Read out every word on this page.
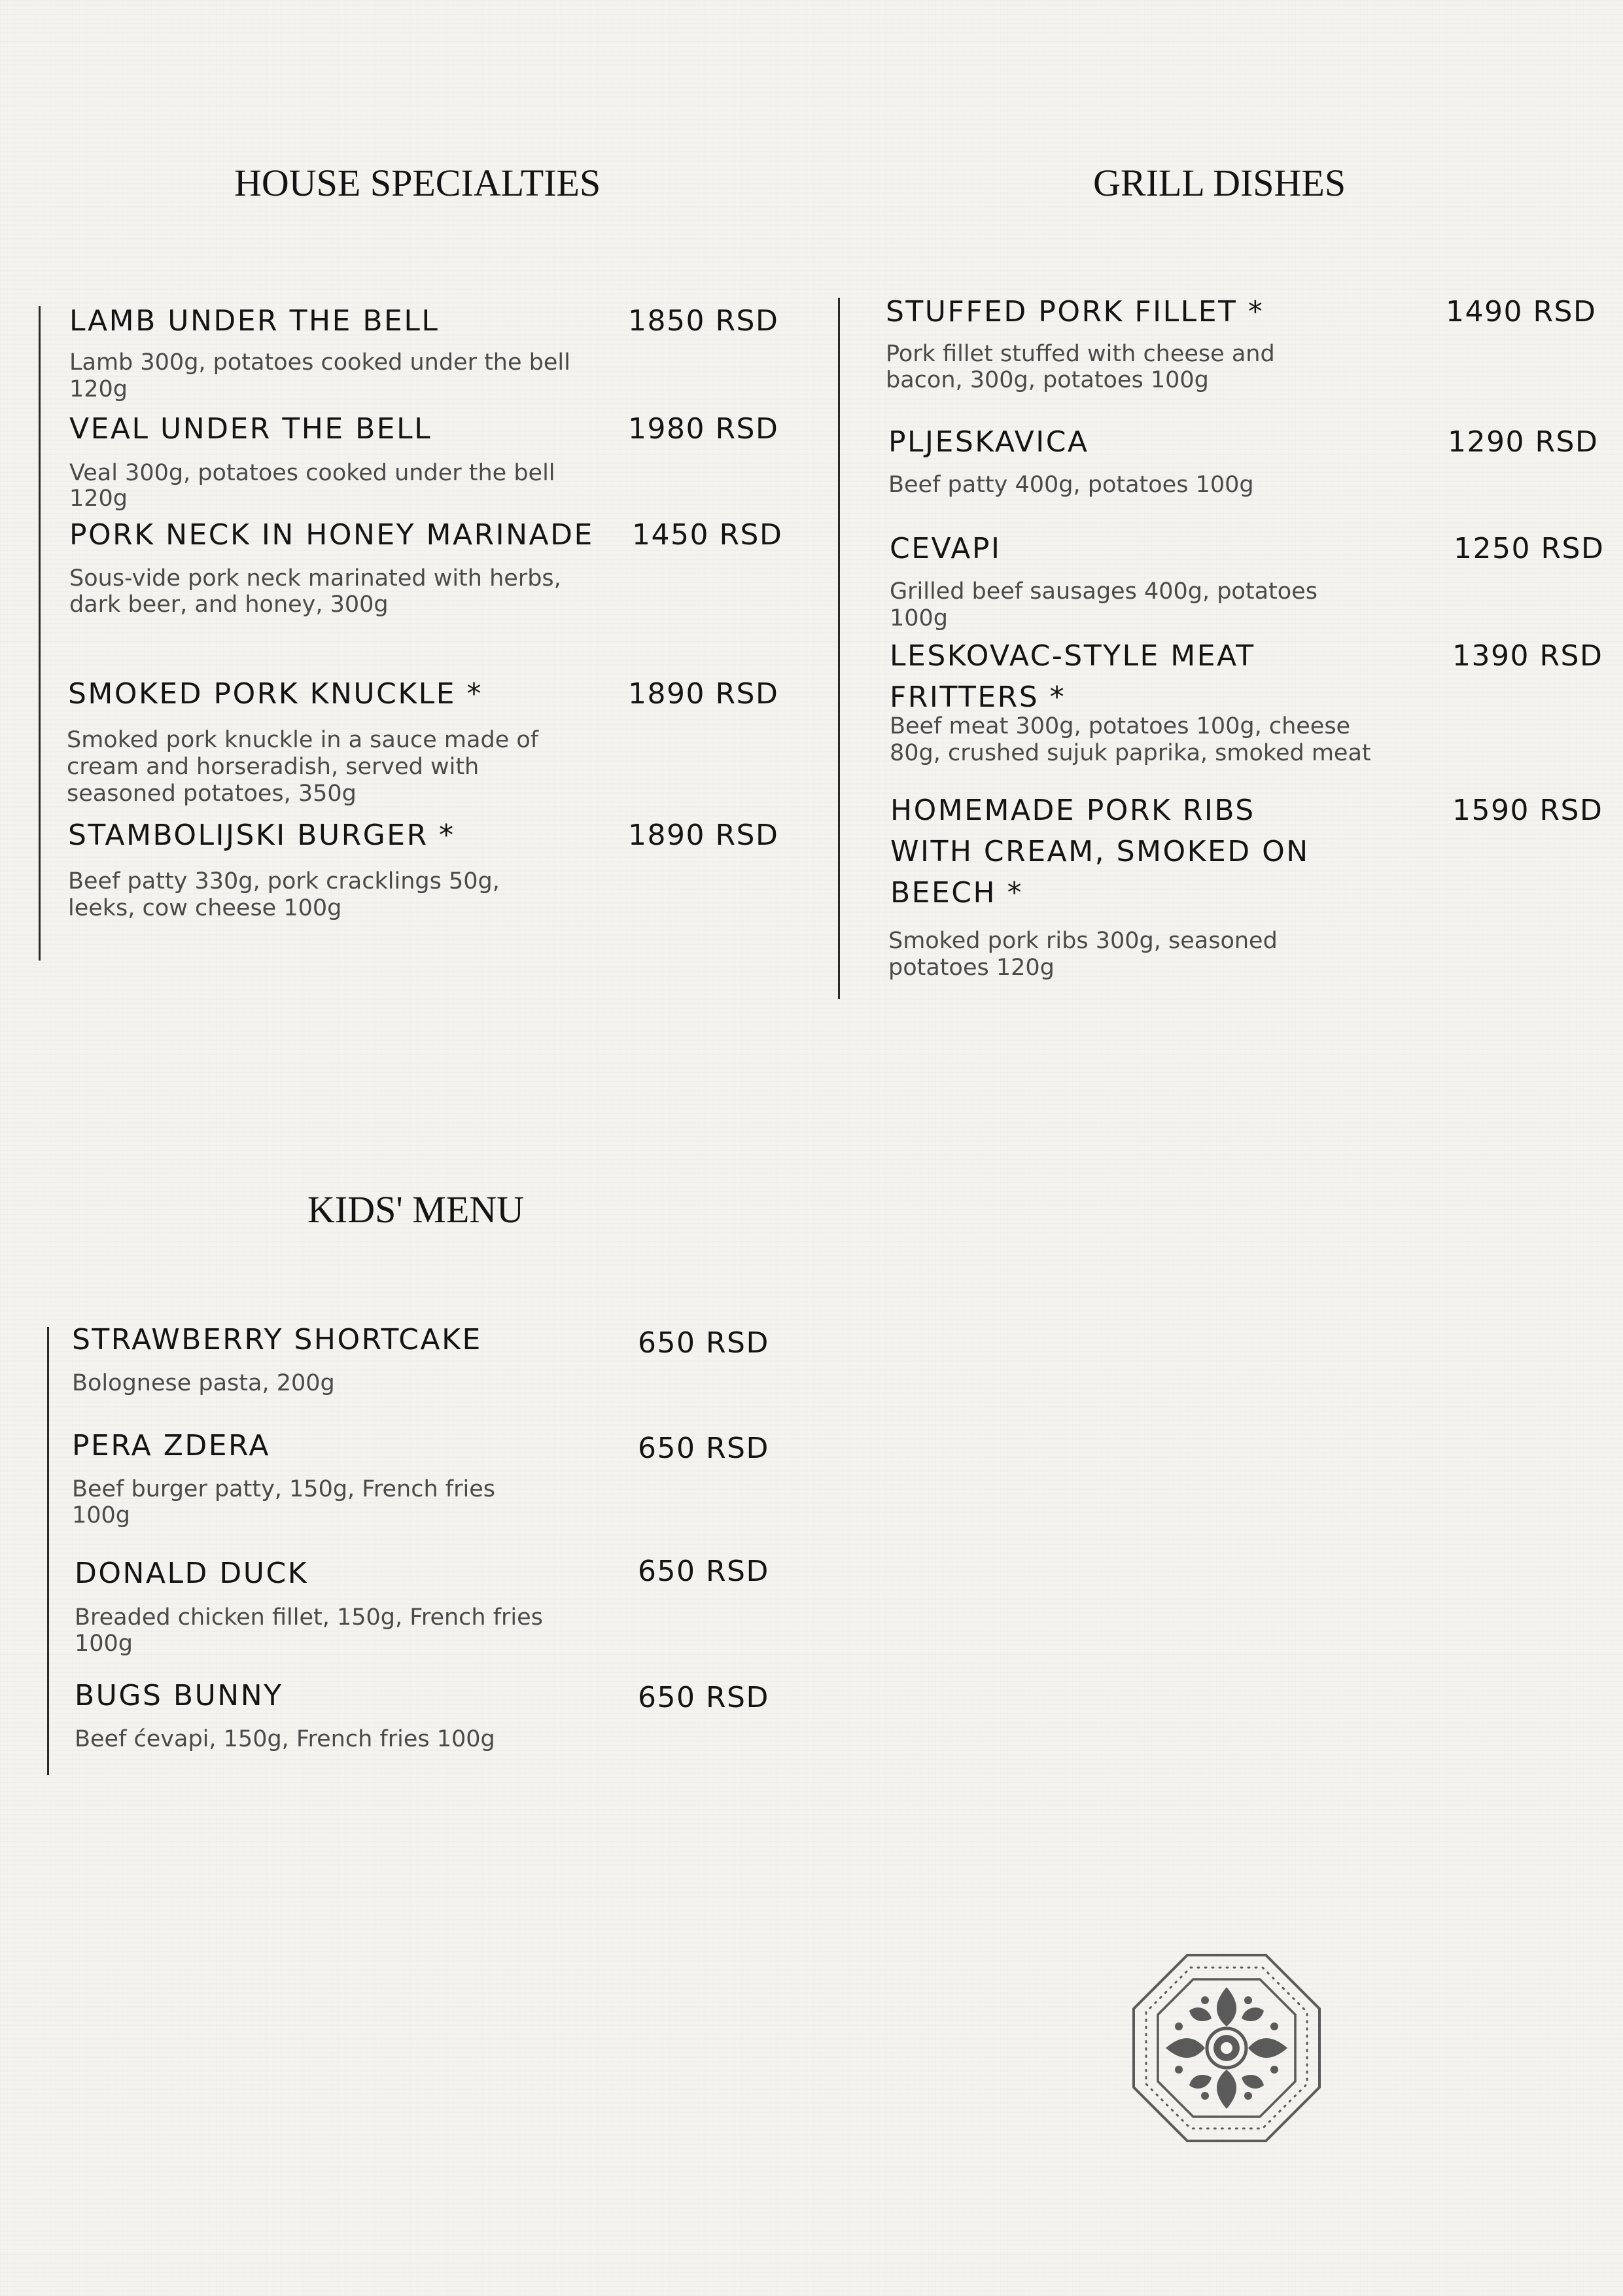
HOUSE SPECIALTIES
LAMB UNDER THE BELL	1850 RSD
Lamb 300g, potatoes cooked under the bell
120g
VEAL UNDER THE BELL	1980 RSD
Veal 300g, potatoes cooked under the bell
120g
PORK NECK IN HONEY MARINADE 1450 RSD
Sous-vide pork neck marinated with herbs,
dark beer, and honey, 300g
SMOKED PORK KNUCKLE *	1890 RSD
Smoked pork knuckle in a sauce made of
cream and horseradish, served with
seasoned potatoes, 350g
STAMBOLIJSKI BURGER *	1890 RSD
Beef patty 330g, pork cracklings 50g,
leeks, cow cheese 100g
GRILL DISHES
STUFFED PORK FILLET *	1490 RSD
Pork fillet stuffed with cheese and
bacon, 300g, potatoes 100g
PLJESKAVICA	1290 RSD
Beef patty 400g, potatoes 100g
CEVAPI	1250 RSD
Grilled beef sausages 400g, potatoes
100g
LESKOVAC-STYLE MEAT
FRITTERS *
1390 RSD
Beef meat 300g, potatoes 100g, cheese
80g, crushed sujuk paprika, smoked meat
HOMEMADE PORK RIBS
WITH CREAM, SMOKED ON
BEECH *
1590 RSD
Smoked pork ribs 300g, seasoned
potatoes 120g
KIDS' MENU
STRAWBERRY SHORTCAKE	650 RSD
Bolognese pasta, 200g
PERA ZDERA	650 RSD
Beef burger patty, 150g, French fries
100g
DONALD DUCK	650 RSD
Breaded chicken fillet, 150g, French fries
100g
BUGS BUNNY	650 RSD
Beef ćevapi, 150g, French fries 100g
